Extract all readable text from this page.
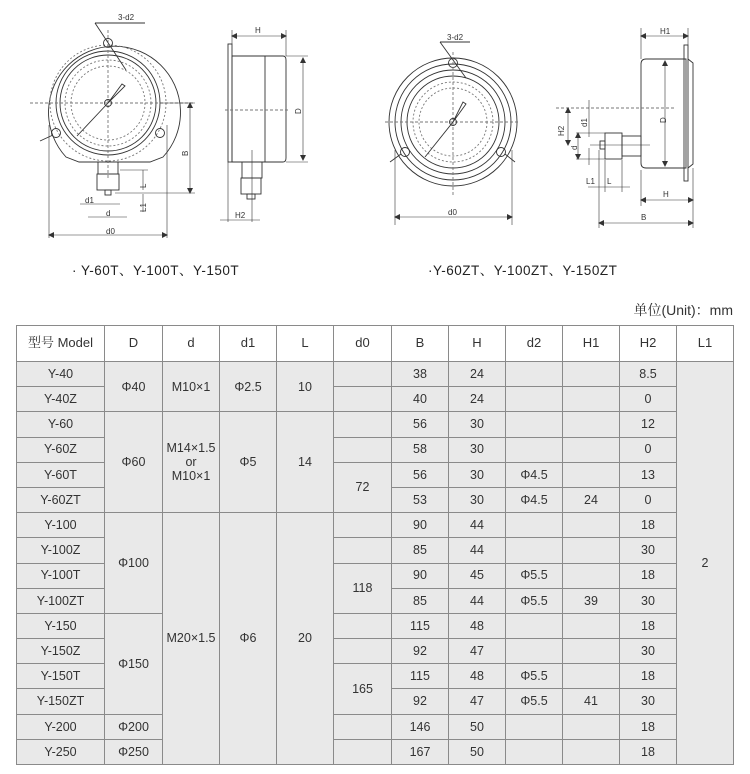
3-d2
d0
d
d1
B
L
L1
H
D
H2
3-d2
d0
H1
D
H2
d1
d
L1 L
H
B
· Y-60T、Y-100T、Y-150T	·Y-60ZT、Y-100ZT、Y-150ZT
单位(Unit)：mm
型号 Model	D	d	d1	L	d0	B	H	d2	H1	H2	L1
Y-40	Φ40	M10×1	Φ2.5	10		38	24			8.5	2
Y-40Z						40	24			0	
Y-60	Φ60	M14×1.5
or
M10×1	Φ5	14		56	30			12	
Y-60Z						58	30			0	
Y-60T					72	56	30	Φ4.5		13	
Y-60ZT						53	30	Φ4.5	24	0	
Y-100	Φ100	M20×1.5	Φ6	20		90	44			18	
Y-100Z						85	44			30	
Y-100T					118	90	45	Φ5.5		18	
Y-100ZT						85	44	Φ5.5	39	30	
Y-150	Φ150					115	48			18	
Y-150Z						92	47			30	
Y-150T					165	115	48	Φ5.5		18	
Y-150ZT						92	47	Φ5.5	41	30	
Y-200	Φ200					146	50			18	
Y-250	Φ250					167	50			18	
